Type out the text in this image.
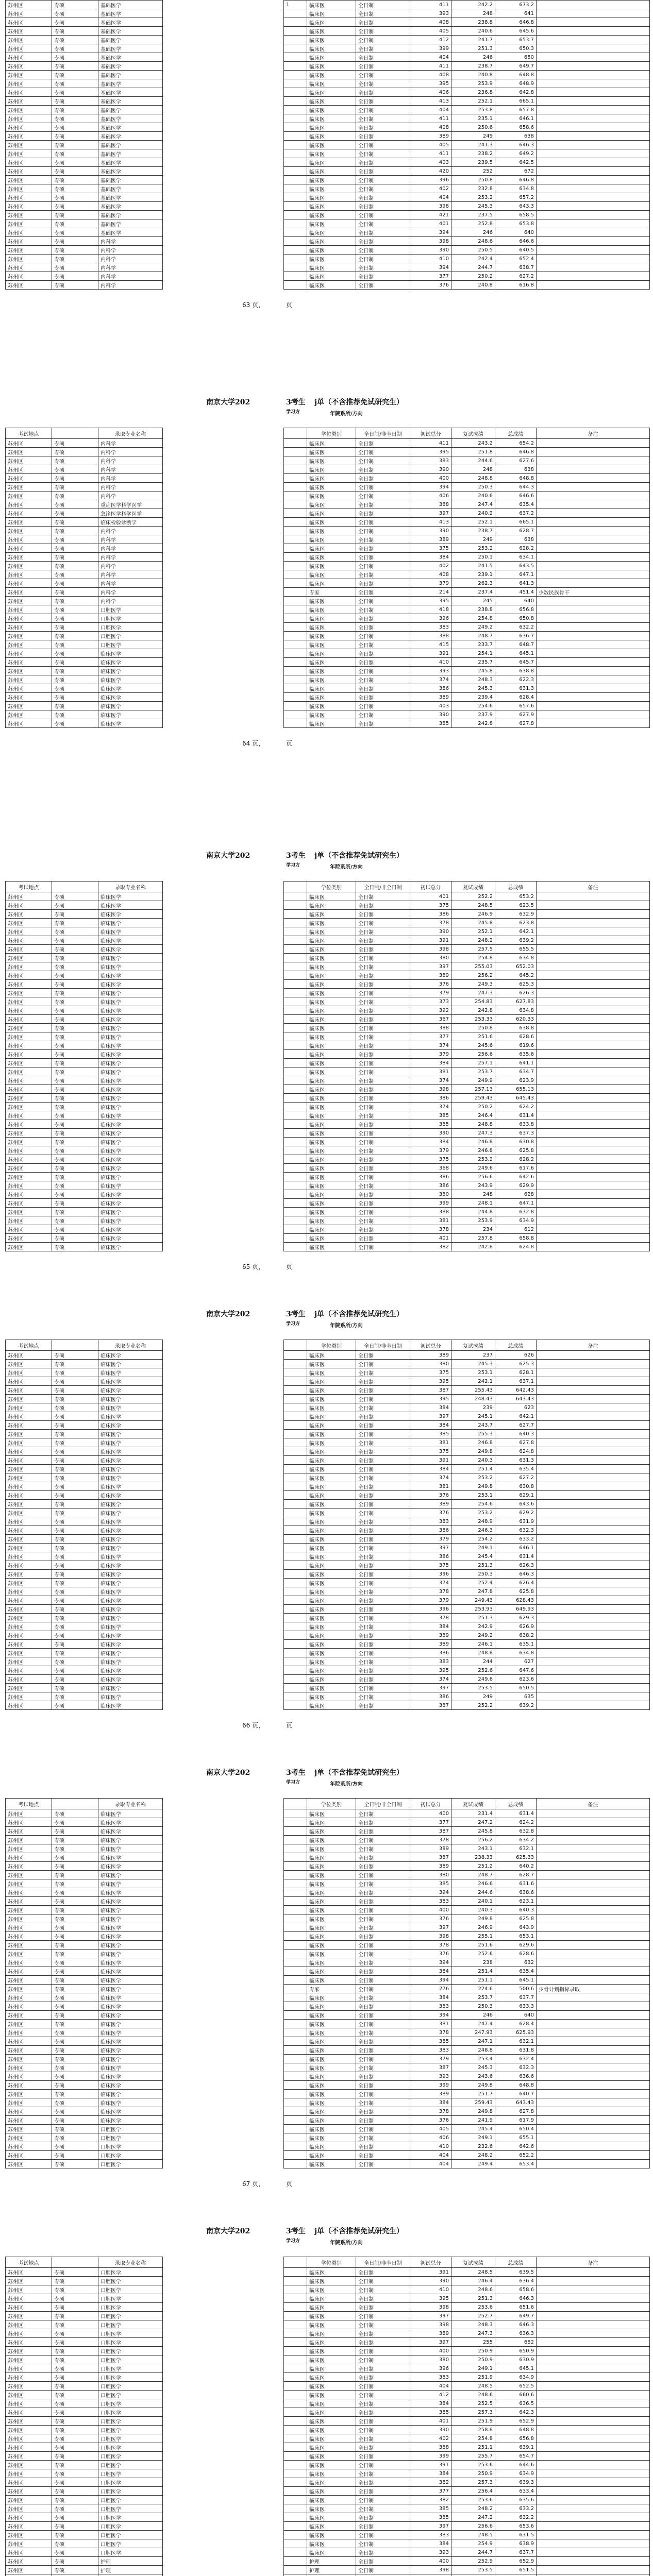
苏州区	专硕	基础医学
苏州区	专硕	基础医学
苏州区	专硕	基础医学
苏州区	专硕	基础医学
苏州区	专硕	基础医学
苏州区	专硕	基础医学
苏州区	专硕	基础医学
苏州区	专硕	基础医学
苏州区	专硕	基础医学
苏州区	专硕	基础医学
苏州区	专硕	基础医学
苏州区	专硕	基础医学
苏州区	专硕	基础医学
苏州区	专硕	基础医学
苏州区	专硕	基础医学
苏州区	专硕	基础医学
苏州区	专硕	基础医学
苏州区	专硕	基础医学
苏州区	专硕	基础医学
苏州区	专硕	基础医学
苏州区	专硕	基础医学
苏州区	专硕	基础医学
苏州区	专硕	基础医学
苏州区	专硕	基础医学
苏州区	专硕	基础医学
苏州区	专硕	基础医学
苏州区	专硕	基础医学
苏州区	专硕	内科学
苏州区	专硕	内科学
苏州区	专硕	内科学
苏州区	专硕	内科学
苏州区	专硕	内科学
苏州区	专硕	内科学
1	临床医	全日制	411	242.2	673.2	
	临床医	全日制	393	248	641	
	临床医	全日制	408	238.8	646.8	
	临床医	全日制	405	240.6	645.6	
	临床医	全日制	412	241.7	653.7	
	临床医	全日制	399	251.3	650.3	
	临床医	全日制	404	246	650	
	临床医	全日制	411	238.7	649.7	
	临床医	全日制	408	240.8	648.8	
	临床医	全日制	395	253.9	648.9	
	临床医	全日制	406	236.8	642.8	
	临床医	全日制	413	252.1	665.1	
	临床医	全日制	404	253.8	657.8	
	临床医	全日制	411	235.1	646.1	
	临床医	全日制	408	250.6	658.6	
	临床医	全日制	389	249	638	
	临床医	全日制	405	241.3	646.3	
	临床医	全日制	411	238.2	649.2	
	临床医	全日制	403	239.5	642.5	
	临床医	全日制	420	252	672	
	临床医	全日制	396	250.8	646.8	
	临床医	全日制	402	232.8	634.8	
	临床医	全日制	404	253.2	657.2	
	临床医	全日制	398	245.3	643.3	
	临床医	全日制	421	237.5	658.5	
	临床医	全日制	401	252.8	653.8	
	临床医	全日制	394	246	640	
	临床医	全日制	398	248.6	646.6	
	临床医	全日制	390	250.5	640.5	
	临床医	全日制	410	242.4	652.4	
	临床医	全日制	394	244.7	638.7	
	临床医	全日制	377	250.2	627.2	
	临床医	全日制	376	240.8	616.8	
63 页，	页
南京大学202	3考生 j单（不含推荐免试研究生）
学习方	年院系所/方向
考试地点		录取专业名称
苏州区	专硕	内科学
苏州区	专硕	内科学
苏州区	专硕	内科学
苏州区	专硕	内科学
苏州区	专硕	内科学
苏州区	专硕	内科学
苏州区	专硕	内科学
苏州区	专硕	重症医学科学医学
苏州区	专硕	急诊医学科学医学
苏州区	专硕	临床检验诊断学
苏州区	专硕	内科学
苏州区	专硕	内科学
苏州区	专硕	内科学
苏州区	专硕	内科学
苏州区	专硕	内科学
苏州区	专硕	内科学
苏州区	专硕	内科学
苏州区	专硕	内科学
苏州区	专硕	内科学
苏州区	专硕	口腔医学
苏州区	专硕	口腔医学
苏州区	专硕	口腔医学
苏州区	专硕	口腔医学
苏州区	专硕	口腔医学
苏州区	专硕	临床医学
苏州区	专硕	临床医学
苏州区	专硕	临床医学
苏州区	专硕	临床医学
苏州区	专硕	临床医学
苏州区	专硕	临床医学
苏州区	专硕	临床医学
苏州区	专硕	临床医学
苏州区	专硕	临床医学
	学位类别	全日制/非全日制	初试总分	复试成绩	总成绩	备注
	临床医	全日制	411	243.2	654.2	
	临床医	全日制	395	251.8	646.8	
	临床医	全日制	383	244.6	627.6	
	临床医	全日制	390	248	638	
	临床医	全日制	400	248.8	648.8	
	临床医	全日制	394	250.3	644.3	
	临床医	全日制	406	240.6	646.6	
	临床医	全日制	388	247.4	635.4	
	临床医	全日制	397	240.2	637.2	
	临床医	全日制	413	252.1	665.1	
	临床医	全日制	390	238.7	628.7	
	临床医	全日制	389	249	638	
	临床医	全日制	375	253.2	628.2	
	临床医	全日制	384	250.1	634.1	
	临床医	全日制	402	241.5	643.5	
	临床医	全日制	408	239.1	647.1	
	临床医	全日制	379	262.3	641.3	
	专家	全日制	214	237.4	451.4	少数民族骨干
	临床医	全日制	395	245	640	
	临床医	全日制	418	238.8	656.8	
	临床医	全日制	396	254.8	650.8	
	临床医	全日制	383	249.2	632.2	
	临床医	全日制	388	248.7	636.7	
	临床医	全日制	415	233.7	648.7	
	临床医	全日制	391	254.1	645.1	
	临床医	全日制	410	235.7	645.7	
	临床医	全日制	393	245.8	638.8	
	临床医	全日制	374	248.3	622.3	
	临床医	全日制	386	245.3	631.3	
	临床医	全日制	389	239.4	628.4	
	临床医	全日制	403	254.6	657.6	
	临床医	全日制	390	237.9	627.9	
	临床医	全日制	385	242.8	627.8	
64 页，	页
南京大学202	3考生 j单（不含推荐免试研究生）
学习方	年院系所/方向
考试地点		录取专业名称
苏州区	专硕	临床医学
苏州区	专硕	临床医学
苏州区	专硕	临床医学
苏州区	专硕	临床医学
苏州区	专硕	临床医学
苏州区	专硕	临床医学
苏州区	专硕	临床医学
苏州区	专硕	临床医学
苏州区	专硕	临床医学
苏州区	专硕	临床医学
苏州区	专硕	临床医学
苏州区	专硕	临床医学
苏州区	专硕	临床医学
苏州区	专硕	临床医学
苏州区	专硕	临床医学
苏州区	专硕	临床医学
苏州区	专硕	临床医学
苏州区	专硕	临床医学
苏州区	专硕	临床医学
苏州区	专硕	临床医学
苏州区	专硕	临床医学
苏州区	专硕	临床医学
苏州区	专硕	临床医学
苏州区	专硕	临床医学
苏州区	专硕	临床医学
苏州区	专硕	临床医学
苏州区	专硕	临床医学
苏州区	专硕	临床医学
苏州区	专硕	临床医学
苏州区	专硕	临床医学
苏州区	专硕	临床医学
苏州区	专硕	临床医学
苏州区	专硕	临床医学
苏州区	专硕	临床医学
苏州区	专硕	临床医学
苏州区	专硕	临床医学
苏州区	专硕	临床医学
苏州区	专硕	临床医学
苏州区	专硕	临床医学
苏州区	专硕	临床医学
苏州区	专硕	临床医学
	学位类别	全日制/非全日制	初试总分	复试成绩	总成绩	备注
	临床医	全日制	401	252.2	653.2	
	临床医	全日制	375	248.5	623.5	
	临床医	全日制	386	246.9	632.9	
	临床医	全日制	378	245.8	623.8	
	临床医	全日制	390	252.1	642.1	
	临床医	全日制	391	248.2	639.2	
	临床医	全日制	398	257.5	655.5	
	临床医	全日制	380	254.8	634.8	
	临床医	全日制	397	255.03	652.03	
	临床医	全日制	389	256.2	645.2	
	临床医	全日制	376	249.3	625.3	
	临床医	全日制	379	247.3	626.3	
	临床医	全日制	373	254.83	627.83	
	临床医	全日制	392	242.8	634.8	
	临床医	全日制	367	253.33	620.33	
	临床医	全日制	388	250.8	638.8	
	临床医	全日制	377	251.6	628.6	
	临床医	全日制	374	245.6	619.6	
	临床医	全日制	379	256.6	635.6	
	临床医	全日制	384	257.1	641.1	
	临床医	全日制	381	253.7	634.7	
	临床医	全日制	374	249.9	623.9	
	临床医	全日制	398	257.13	655.13	
	临床医	全日制	386	259.43	645.43	
	临床医	全日制	374	250.2	624.2	
	临床医	全日制	385	246.4	631.4	
	临床医	全日制	385	248.8	633.8	
	临床医	全日制	390	247.3	637.3	
	临床医	全日制	384	246.8	630.8	
	临床医	全日制	379	246.8	625.8	
	临床医	全日制	375	253.2	628.2	
	临床医	全日制	368	249.6	617.6	
	临床医	全日制	386	256.6	642.6	
	临床医	全日制	386	243.9	629.9	
	临床医	全日制	380	248	628	
	临床医	全日制	399	248.1	647.1	
	临床医	全日制	388	244.8	632.8	
	临床医	全日制	381	253.9	634.9	
	临床医	全日制	378	234	612	
	临床医	全日制	401	257.8	658.8	
	临床医	全日制	382	242.8	624.8	
65 页，	页
南京大学202	3考生 j单（不含推荐免试研究生）
学习方	年院系所/方向
考试地点		录取专业名称
苏州区	专硕	临床医学
苏州区	专硕	临床医学
苏州区	专硕	临床医学
苏州区	专硕	临床医学
苏州区	专硕	临床医学
苏州区	专硕	临床医学
苏州区	专硕	临床医学
苏州区	专硕	临床医学
苏州区	专硕	临床医学
苏州区	专硕	临床医学
苏州区	专硕	临床医学
苏州区	专硕	临床医学
苏州区	专硕	临床医学
苏州区	专硕	临床医学
苏州区	专硕	临床医学
苏州区	专硕	临床医学
苏州区	专硕	临床医学
苏州区	专硕	临床医学
苏州区	专硕	临床医学
苏州区	专硕	临床医学
苏州区	专硕	临床医学
苏州区	专硕	临床医学
苏州区	专硕	临床医学
苏州区	专硕	临床医学
苏州区	专硕	临床医学
苏州区	专硕	临床医学
苏州区	专硕	临床医学
苏州区	专硕	临床医学
苏州区	专硕	临床医学
苏州区	专硕	临床医学
苏州区	专硕	临床医学
苏州区	专硕	临床医学
苏州区	专硕	临床医学
苏州区	专硕	临床医学
苏州区	专硕	临床医学
苏州区	专硕	临床医学
苏州区	专硕	临床医学
苏州区	专硕	临床医学
苏州区	专硕	临床医学
苏州区	专硕	临床医学
苏州区	专硕	临床医学
	学位类别	全日制/非全日制	初试总分	复试成绩	总成绩	备注
	临床医	全日制	389	237	626	
	临床医	全日制	380	245.3	625.3	
	临床医	全日制	375	253.1	628.1	
	临床医	全日制	395	242.1	637.1	
	临床医	全日制	387	255.43	642.43	
	临床医	全日制	395	248.43	643.43	
	临床医	全日制	384	239	623	
	临床医	全日制	397	245.1	642.1	
	临床医	全日制	384	243.7	627.7	
	临床医	全日制	385	255.3	640.3	
	临床医	全日制	381	246.8	627.8	
	临床医	全日制	375	249.8	624.8	
	临床医	全日制	391	240.3	631.3	
	临床医	全日制	384	251.4	635.4	
	临床医	全日制	374	253.2	627.2	
	临床医	全日制	381	249.8	630.8	
	临床医	全日制	376	253.1	629.1	
	临床医	全日制	389	254.6	643.6	
	临床医	全日制	376	253.2	629.2	
	临床医	全日制	383	248.9	631.9	
	临床医	全日制	386	246.3	632.3	
	临床医	全日制	379	254.2	633.2	
	临床医	全日制	397	249.1	646.1	
	临床医	全日制	386	245.4	631.4	
	临床医	全日制	375	251.3	626.3	
	临床医	全日制	396	250.3	646.3	
	临床医	全日制	374	252.4	626.4	
	临床医	全日制	378	247.8	625.8	
	临床医	全日制	379	249.43	628.43	
	临床医	全日制	396	253.93	649.93	
	临床医	全日制	378	251.3	629.3	
	临床医	全日制	384	242.9	626.9	
	临床医	全日制	389	249.2	638.2	
	临床医	全日制	389	246.1	635.1	
	临床医	全日制	386	248.8	634.8	
	临床医	全日制	383	244	627	
	临床医	全日制	395	252.6	647.6	
	临床医	全日制	374	249.6	623.6	
	临床医	全日制	397	253.5	650.5	
	临床医	全日制	386	249	635	
	临床医	全日制	387	252.2	639.2	
66 页，	页
南京大学202	3考生 j单（不含推荐免试研究生）
学习方	年院系所/方向
考试地点		录取专业名称
苏州区	专硕	临床医学
苏州区	专硕	临床医学
苏州区	专硕	临床医学
苏州区	专硕	临床医学
苏州区	专硕	临床医学
苏州区	专硕	临床医学
苏州区	专硕	临床医学
苏州区	专硕	临床医学
苏州区	专硕	临床医学
苏州区	专硕	临床医学
苏州区	专硕	临床医学
苏州区	专硕	临床医学
苏州区	专硕	临床医学
苏州区	专硕	临床医学
苏州区	专硕	临床医学
苏州区	专硕	临床医学
苏州区	专硕	临床医学
苏州区	专硕	临床医学
苏州区	专硕	临床医学
苏州区	专硕	临床医学
苏州区	专硕	临床医学
苏州区	专硕	临床医学
苏州区	专硕	临床医学
苏州区	专硕	临床医学
苏州区	专硕	临床医学
苏州区	专硕	临床医学
苏州区	专硕	临床医学
苏州区	专硕	临床医学
苏州区	专硕	临床医学
苏州区	专硕	临床医学
苏州区	专硕	临床医学
苏州区	专硕	临床医学
苏州区	专硕	临床医学
苏州区	专硕	临床医学
苏州区	专硕	临床医学
苏州区	专硕	临床医学
苏州区	专硕	口腔医学
苏州区	专硕	口腔医学
苏州区	专硕	口腔医学
苏州区	专硕	口腔医学
苏州区	专硕	口腔医学
	学位类别	全日制/非全日制	初试总分	复试成绩	总成绩	备注
	临床医	全日制	400	231.4	631.4	
	临床医	全日制	377	247.2	624.2	
	临床医	全日制	387	245.8	632.8	
	临床医	全日制	378	256.2	634.2	
	临床医	全日制	389	243.1	632.1	
	临床医	全日制	387	238.33	625.33	
	临床医	全日制	389	251.2	640.2	
	临床医	全日制	380	248.7	628.7	
	临床医	全日制	385	246.6	631.6	
	临床医	全日制	394	244.6	638.6	
	临床医	全日制	383	240.1	623.1	
	临床医	全日制	400	240.3	640.3	
	临床医	全日制	376	249.8	625.8	
	临床医	全日制	397	246.9	643.9	
	临床医	全日制	398	255.1	653.1	
	临床医	全日制	378	251.6	629.6	
	临床医	全日制	376	252.6	628.6	
	临床医	全日制	394	238	632	
	临床医	全日制	384	251.4	635.4	
	临床医	全日制	394	251.1	645.1	
	专家	全日制	276	224.6	500.6	少骨计划指标录取
	临床医	全日制	384	253.7	637.7	
	临床医	全日制	383	250.3	633.3	
	临床医	全日制	394	246	640	
	临床医	全日制	381	247.4	628.4	
	临床医	全日制	378	247.93	625.93	
	临床医	全日制	385	247.1	632.1	
	临床医	全日制	383	248.8	631.8	
	临床医	全日制	379	253.4	632.4	
	临床医	全日制	387	245.3	632.3	
	临床医	全日制	393	243.6	636.6	
	临床医	全日制	399	249.8	648.8	
	临床医	全日制	389	251.7	640.7	
	临床医	全日制	384	259.43	643.43	
	临床医	全日制	378	249.8	627.8	
	临床医	全日制	376	241.9	617.9	
	临床医	全日制	405	245.4	650.4	
	临床医	全日制	406	249.1	655.1	
	临床医	全日制	410	232.6	642.6	
	临床医	全日制	404	248.2	652.2	
	临床医	全日制	404	249.4	653.4	
67 页，	页
南京大学202	3考生 j单（不含推荐免试研究生）
学习方	年院系所/方向
考试地点		录取专业名称
苏州区	专硕	口腔医学
苏州区	专硕	口腔医学
苏州区	专硕	口腔医学
苏州区	专硕	口腔医学
苏州区	专硕	口腔医学
苏州区	专硕	口腔医学
苏州区	专硕	口腔医学
苏州区	专硕	口腔医学
苏州区	专硕	口腔医学
苏州区	专硕	口腔医学
苏州区	专硕	口腔医学
苏州区	专硕	口腔医学
苏州区	专硕	口腔医学
苏州区	专硕	口腔医学
苏州区	专硕	口腔医学
苏州区	专硕	口腔医学
苏州区	专硕	口腔医学
苏州区	专硕	口腔医学
苏州区	专硕	口腔医学
苏州区	专硕	口腔医学
苏州区	专硕	口腔医学
苏州区	专硕	口腔医学
苏州区	专硕	口腔医学
苏州区	专硕	口腔医学
苏州区	专硕	口腔医学
苏州区	专硕	口腔医学
苏州区	专硕	口腔医学
苏州区	专硕	口腔医学
苏州区	专硕	口腔医学
苏州区	专硕	口腔医学
苏州区	专硕	口腔医学
苏州区	专硕	口腔医学
苏州区	专硕	口腔医学
苏州区	专硕	护理
苏州区	专硕	护理

	学位类别	全日制/非全日制	初试总分	复试成绩	总成绩	备注
	临床医	全日制	391	248.5	639.5	
	临床医	全日制	390	246.4	636.4	
	临床医	全日制	410	248.6	658.6	
	临床医	全日制	395	251.3	646.3	
	临床医	全日制	398	253.6	651.6	
	临床医	全日制	397	252.7	649.7	
	临床医	全日制	398	248.3	646.3	
	临床医	全日制	389	247.3	636.3	
	临床医	全日制	397	255	652	
	临床医	全日制	400	250.9	650.9	
	临床医	全日制	380	250.9	630.9	
	临床医	全日制	396	249.1	645.1	
	临床医	全日制	383	251.9	634.9	
	临床医	全日制	404	248.5	652.5	
	临床医	全日制	412	248.6	660.6	
	临床医	全日制	384	252.5	636.5	
	临床医	全日制	385	257.3	642.3	
	临床医	全日制	401	251.9	652.9	
	临床医	全日制	390	258.8	648.8	
	临床医	全日制	402	254.8	656.8	
	临床医	全日制	388	251.1	639.1	
	临床医	全日制	399	255.7	654.7	
	临床医	全日制	391	253.6	644.6	
	临床医	全日制	384	250.9	634.9	
	临床医	全日制	382	257.3	639.3	
	临床医	全日制	377	256.4	633.4	
	临床医	全日制	382	253.6	635.6	
	临床医	全日制	385	248.2	633.2	
	临床医	全日制	385	247.2	632.2	
	临床医	全日制	397	256.6	653.6	
	临床医	全日制	383	248.5	631.5	
	临床医	全日制	384	254.9	638.9	
	临床医	全日制	393	244.7	637.7	
	护理	全日制	400	252.9	652.9	
	护理	全日制	398	253.5	651.5	
